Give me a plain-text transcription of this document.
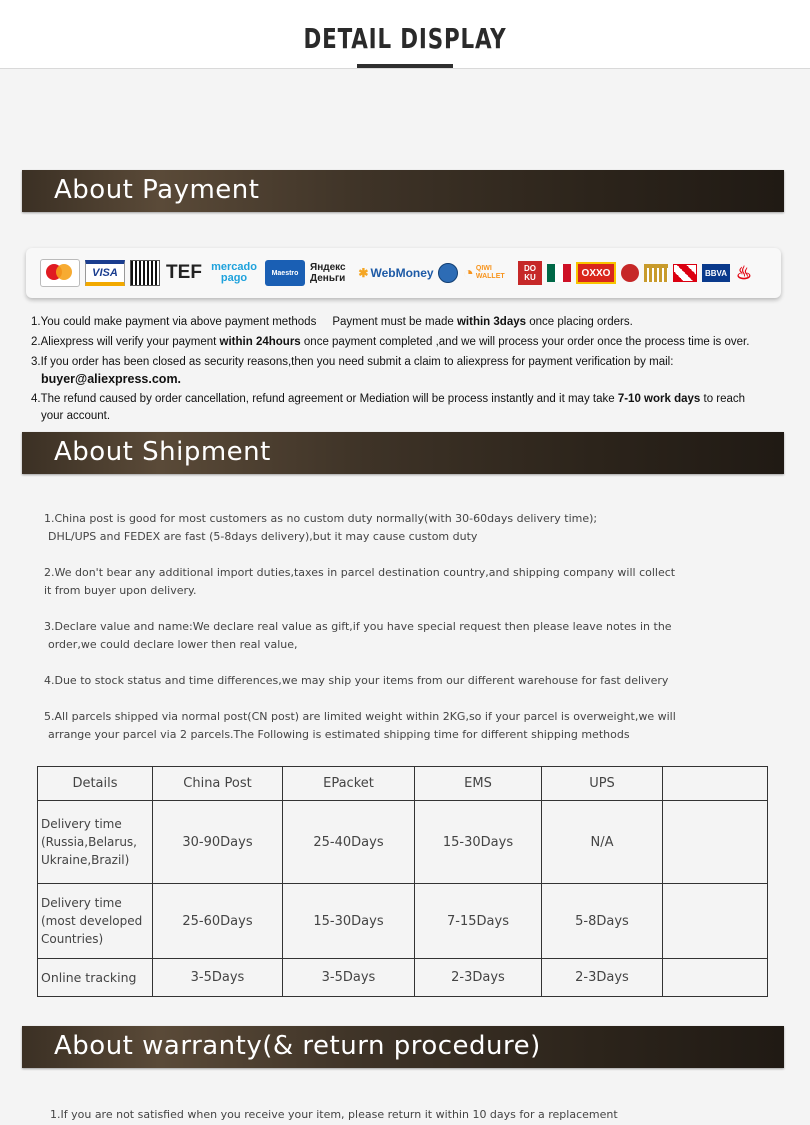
DETAIL DISPLAY
About Payment
VISA	TEF mercado pago	Maestro Яндекс Деньги	✱ WebMoney ◔ QIWI WALLET
DO KU	OXXO	BBVA ♨

1.You could make payment via above payment methods Payment must be made within 3days once placing orders.

2.Aliexpress will verify your payment within 24hours once payment completed ,and we will process your order once the process time is over.

3.If you order has been closed as security reasons,then you need submit a claim to aliexpress for payment verification by mail:
buyer@aliexpress.com.

4.The refund caused by order cancellation, refund agreement or Mediation will be process instantly and it may take 7-10 work days to reach
your account.

About Shipment

1.China post is good for most customers as no custom duty normally(with 30-60days delivery time);
DHL/UPS and FEDEX are fast (5-8days delivery),but it may cause custom duty

2.We don't bear any additional import duties,taxes in parcel destination country,and shipping company will collect
it from buyer upon delivery.

3.Declare value and name:We declare real value as gift,if you have special request then please leave notes in the
order,we could declare lower then real value,

4.Due to stock status and time differences,we may ship your items from our different warehouse for fast delivery

5.All parcels shipped via normal post(CN post) are limited weight within 2KG,so if your parcel is overweight,we will
arrange your parcel via 2 parcels.The Following is estimated shipping time for different shipping methods

Details	China Post	EPacket	EMS	UPS	
Delivery time
(Russia,Belarus,
Ukraine,Brazil)	30-90Days	25-40Days	15-30Days	N/A	
Delivery time
(most developed
Countries)	25-60Days	15-30Days	7-15Days	5-8Days	
Online tracking	3-5Days	3-5Days	2-3Days	2-3Days	
About warranty(& return procedure)
1.If you are not satisfied when you receive your item, please return it within 10 days for a replacement
